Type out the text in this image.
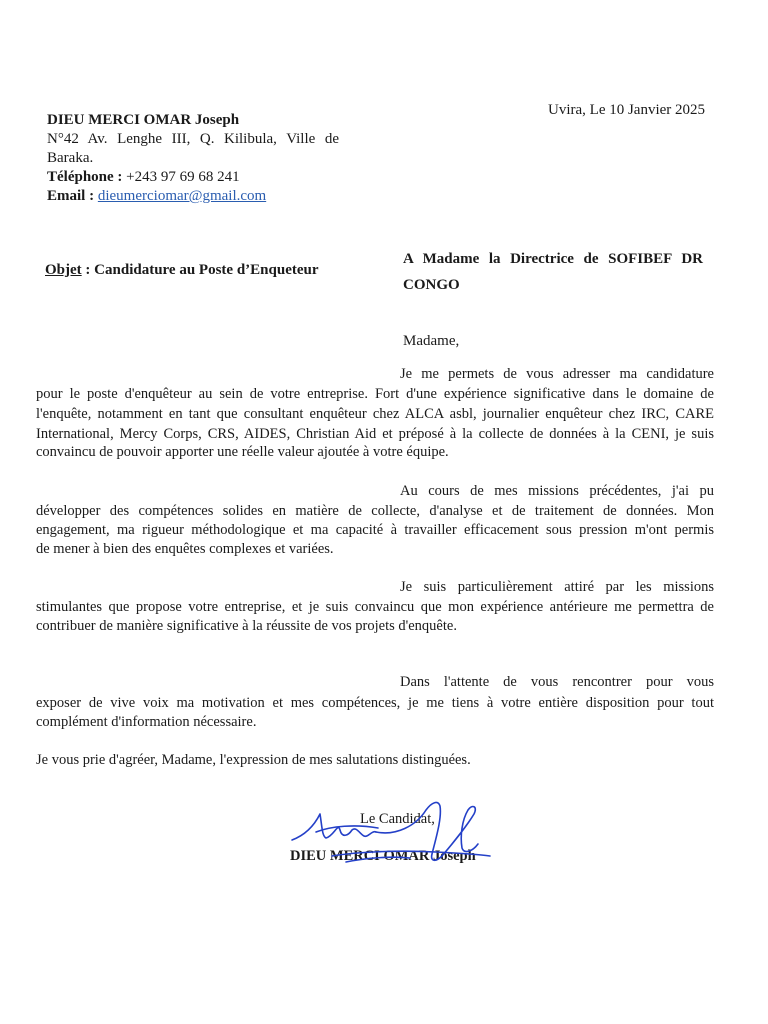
Uvira, Le 10 Janvier 2025
DIEU MERCI OMAR Joseph
N°42 Av. Lenghe III, Q. Kilibula, Ville de
Baraka.
Téléphone : +243 97 69 68 241
Email : dieumerciomar@gmail.com
A Madame la Directrice de SOFIBEF DR
CONGO
Objet : Candidature au Poste d’Enqueteur
Madame,
Je me permets de vous adresser ma candidature
pour le poste d'enquêteur au sein de votre entreprise. Fort d'une expérience significative dans le domaine de
l'enquête, notamment en tant que consultant enquêteur chez ALCA asbl, journalier enquêteur chez IRC, CARE
International, Mercy Corps, CRS, AIDES, Christian Aid et préposé à la collecte de données à la CENI, je suis
convaincu de pouvoir apporter une réelle valeur ajoutée à votre équipe.
Au cours de mes missions précédentes, j'ai pu
développer des compétences solides en matière de collecte, d'analyse et de traitement de données. Mon
engagement, ma rigueur méthodologique et ma capacité à travailler efficacement sous pression m'ont permis
de mener à bien des enquêtes complexes et variées.
Je suis particulièrement attiré par les missions
stimulantes que propose votre entreprise, et je suis convaincu que mon expérience antérieure me permettra de
contribuer de manière significative à la réussite de vos projets d'enquête.
Dans l'attente de vous rencontrer pour vous
exposer de vive voix ma motivation et mes compétences, je me tiens à votre entière disposition pour tout
complément d'information nécessaire.
Je vous prie d'agréer, Madame, l'expression de mes salutations distinguées.
Le Candidat,
DIEU MERCI OMAR Joseph
